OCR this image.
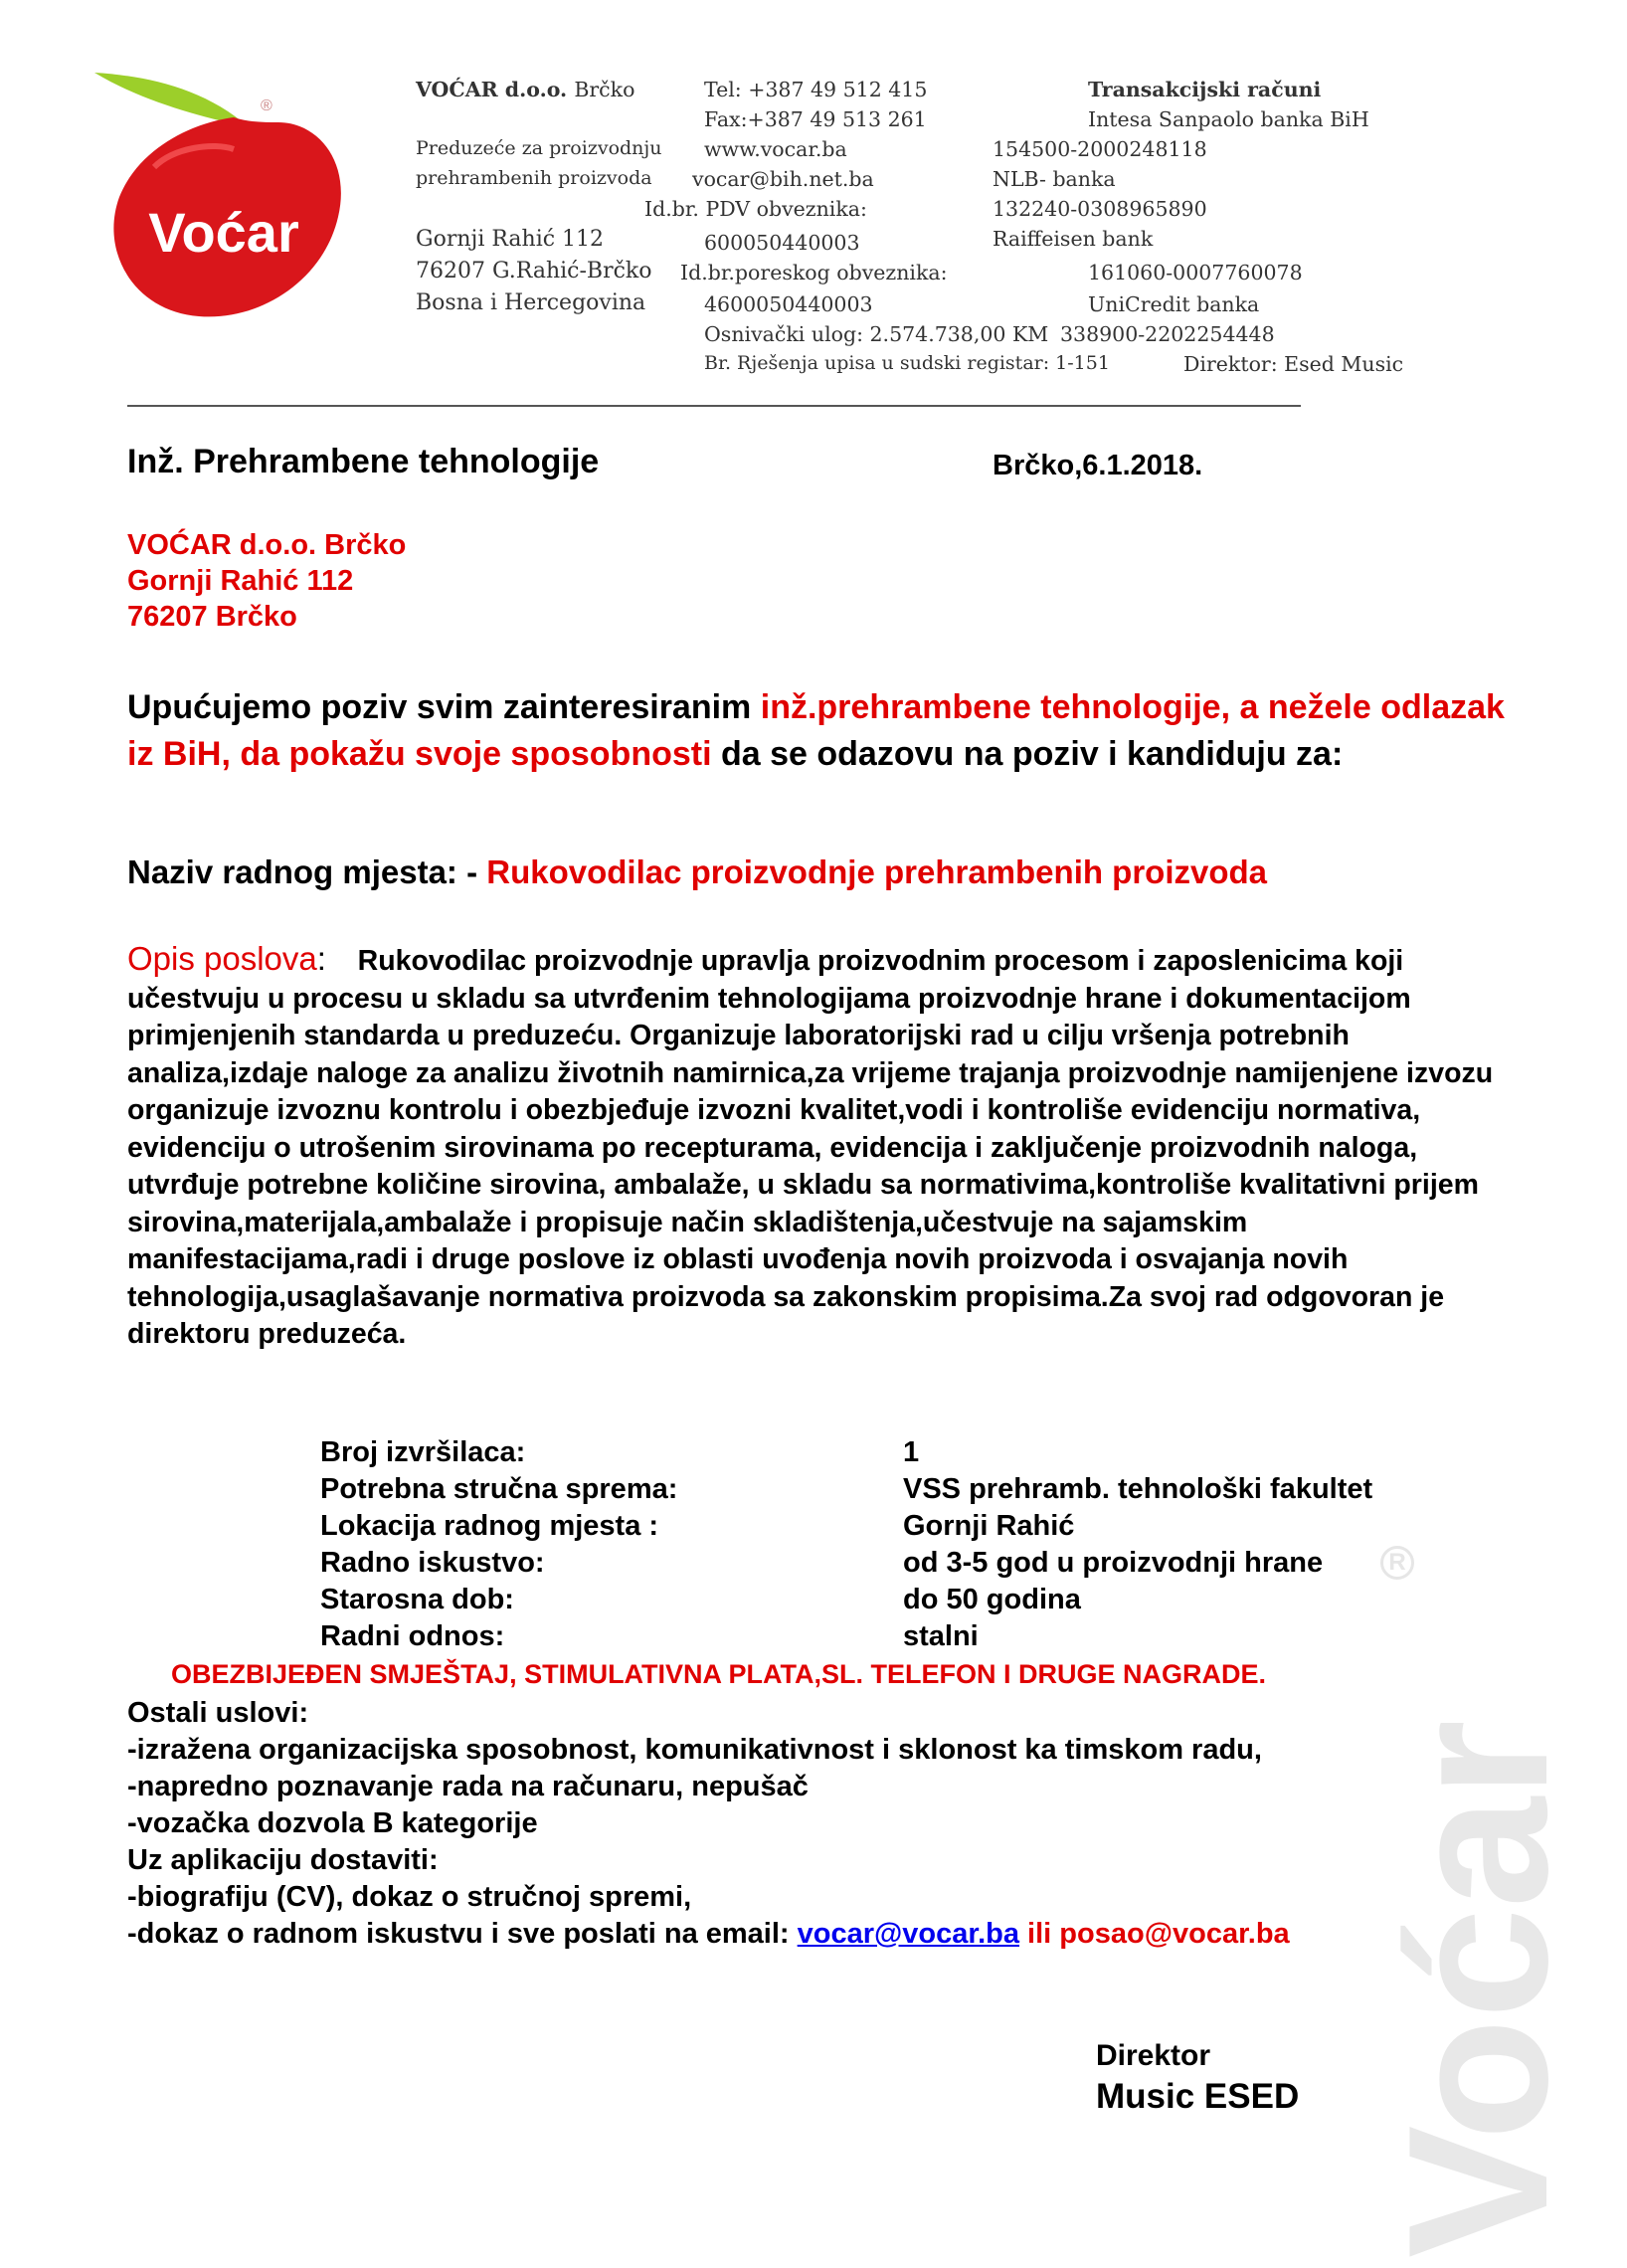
Voćar
®
VOĆAR d.o.o. Brčko
Preduzeće za proizvodnju
prehrambenih proizvoda
Gornji Rahić 112
76207 G.Rahić-Brčko
Bosna i Hercegovina
Tel: +387 49 512 415
Fax:+387 49 513 261
www.vocar.ba
vocar@bih.net.ba
Id.br. PDV obveznika:
600050440003
Id.br.poreskog obveznika:
4600050440003
Osnivački ulog: 2.574.738,00 KM
Br. Rješenja upisa u sudski registar: 1-151
Transakcijski računi
Intesa Sanpaolo banka BiH
154500-2000248118
NLB- banka
132240-0308965890
Raiffeisen bank
161060-0007760078
UniCredit banka
338900-2202254448
Direktor: Esed Music
Inž. Prehrambene tehnologije	Brčko,6.1.2018.
VOĆAR d.o.o. Brčko
Gornji Rahić 112
76207 Brčko
Upućujemo poziv svim zainteresiranim inž.prehrambene tehnologije, a nežele odlazak iz BiH, da pokažu svoje sposobnosti da se odazovu na poziv i kandiduju za:
Naziv radnog mjesta: - Rukovodilac proizvodnje prehrambenih proizvoda
Opis poslova: Rukovodilac proizvodnje upravlja proizvodnim procesom i zaposlenicima koji učestvuju u procesu u skladu sa utvrđenim tehnologijama proizvodnje hrane i dokumentacijom primjenjenih standarda u preduzeću. Organizuje laboratorijski rad u cilju vršenja potrebnih analiza,izdaje naloge za analizu životnih namirnica,za vrijeme trajanja proizvodnje namijenjene izvozu organizuje izvoznu kontrolu i obezbjeđuje izvozni kvalitet,vodi i kontroliše evidenciju normativa, evidenciju o utrošenim sirovinama po recepturama, evidencija i zaključenje proizvodnih naloga, utvrđuje potrebne količine sirovina, ambalaže, u skladu sa normativima,kontroliše kvalitativni prijem sirovina,materijala,ambalaže i propisuje način skladištenja,učestvuje na sajamskim manifestacijama,radi i druge poslove iz oblasti uvođenja novih proizvoda i osvajanja novih tehnologija,usaglašavanje normativa proizvoda sa zakonskim propisima.Za svoj rad odgovoran je direktoru preduzeća.
Broj izvršilaca:	1
Potrebna stručna sprema:	VSS prehramb. tehnološki fakultet
Lokacija radnog mjesta :	Gornji Rahić
Radno iskustvo:	od 3-5 god u proizvodnji hrane
Starosna dob:	do 50 godina
Radni odnos:	stalni
R
OBEZBIJEĐEN SMJEŠTAJ, STIMULATIVNA PLATA,SL. TELEFON I DRUGE NAGRADE.
Ostali uslovi:
-izražena organizacijska sposobnost, komunikativnost i sklonost ka timskom radu,
-napredno poznavanje rada na računaru, nepušač
-vozačka dozvola B kategorije
Uz aplikaciju dostaviti:
-biografiju (CV), dokaz o stručnoj spremi,
-dokaz o radnom iskustvu i sve poslati na email: vocar@vocar.ba ili posao@vocar.ba
Direktor
Music ESED Voćar
